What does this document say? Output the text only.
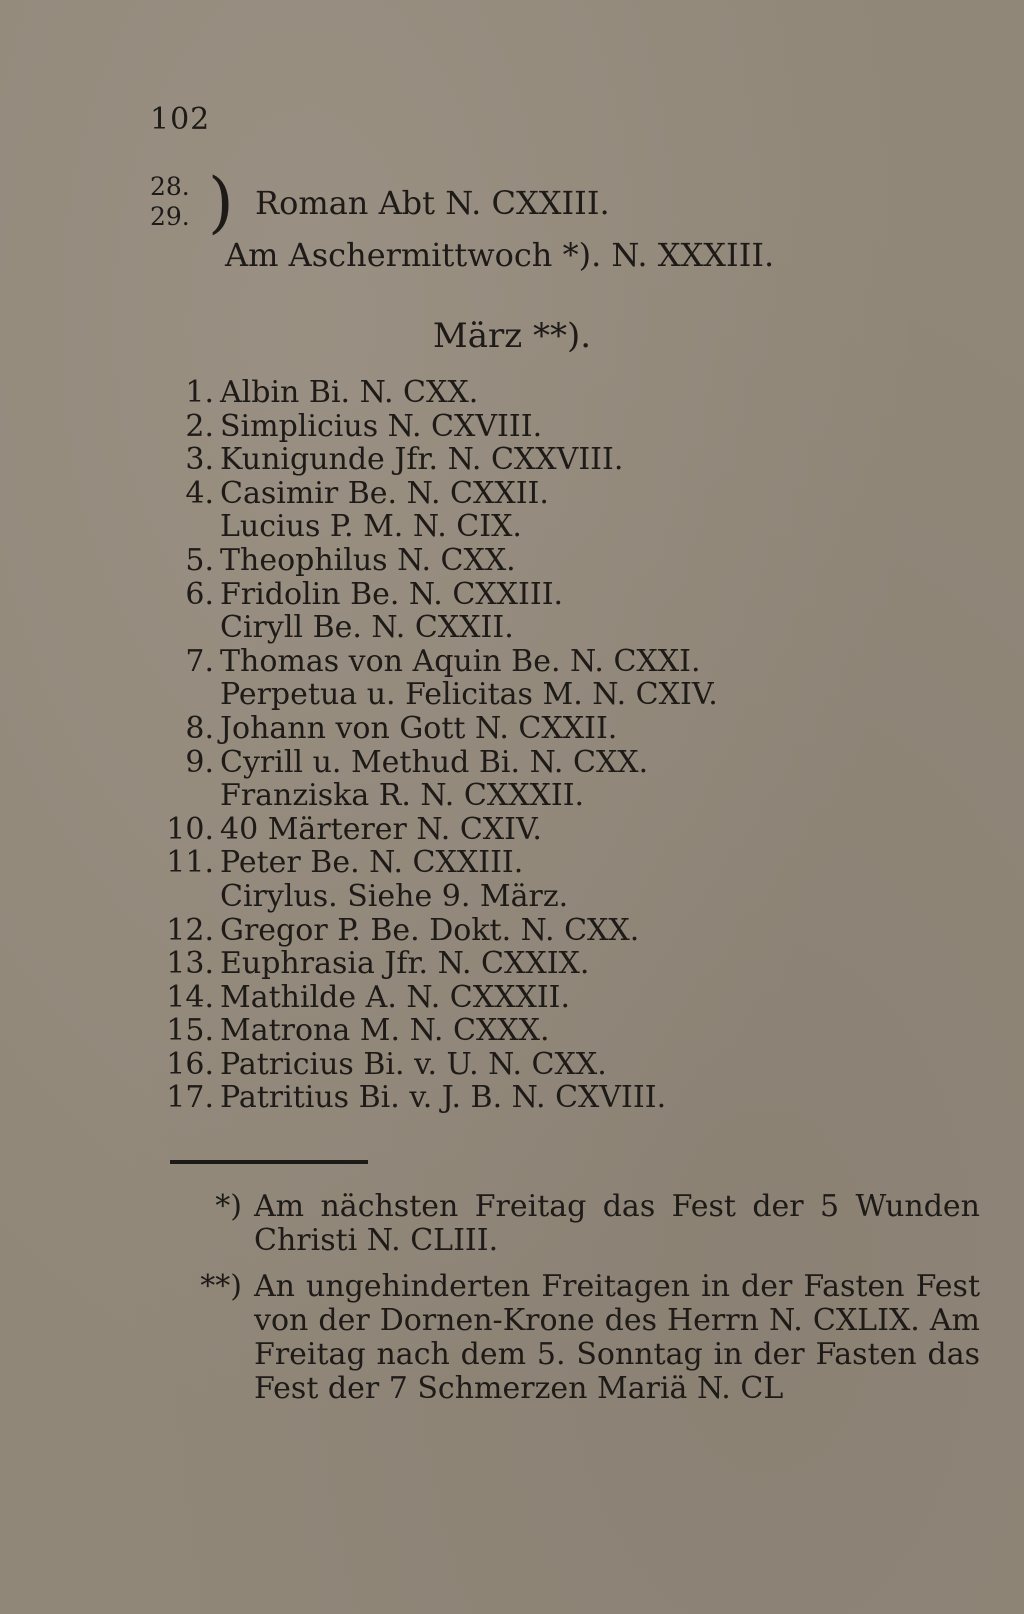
102
28.
29. ) Roman Abt N. CXXIII.
Am Aschermittwoch *). N. XXXIII.
März **).
1. Albin Bi. N. CXX.
2. Simplicius N. CXVIII.
3. Kunigunde Jfr. N. CXXVIII.
4. Casimir Be. N. CXXII.
Lucius P. M. N. CIX.
5. Theophilus N. CXX.
6. Fridolin Be. N. CXXIII.
Ciryll Be. N. CXXII.
7. Thomas von Aquin Be. N. CXXI.
Perpetua u. Felicitas M. N. CXIV.
8. Johann von Gott N. CXXII.
9. Cyrill u. Methud Bi. N. CXX.
Franziska R. N. CXXXII.
10. 40 Märterer N. CXIV.
11. Peter Be. N. CXXIII.
Cirylus. Siehe 9. März.
12. Gregor P. Be. Dokt. N. CXX.
13. Euphrasia Jfr. N. CXXIX.
14. Mathilde A. N. CXXXII.
15. Matrona M. N. CXXX.
16. Patricius Bi. v. U. N. CXX.
17. Patritius Bi. v. J. B. N. CXVIII.
*) Am nächsten Freitag das Fest der 5 Wunden Christi N. CLIII.
**) An ungehinderten Freitagen in der Fasten Fest von der Dornen-Krone des Herrn N. CXLIX. Am Freitag nach dem 5. Sonntag in der Fasten das Fest der 7 Schmerzen Mariä N. CL
